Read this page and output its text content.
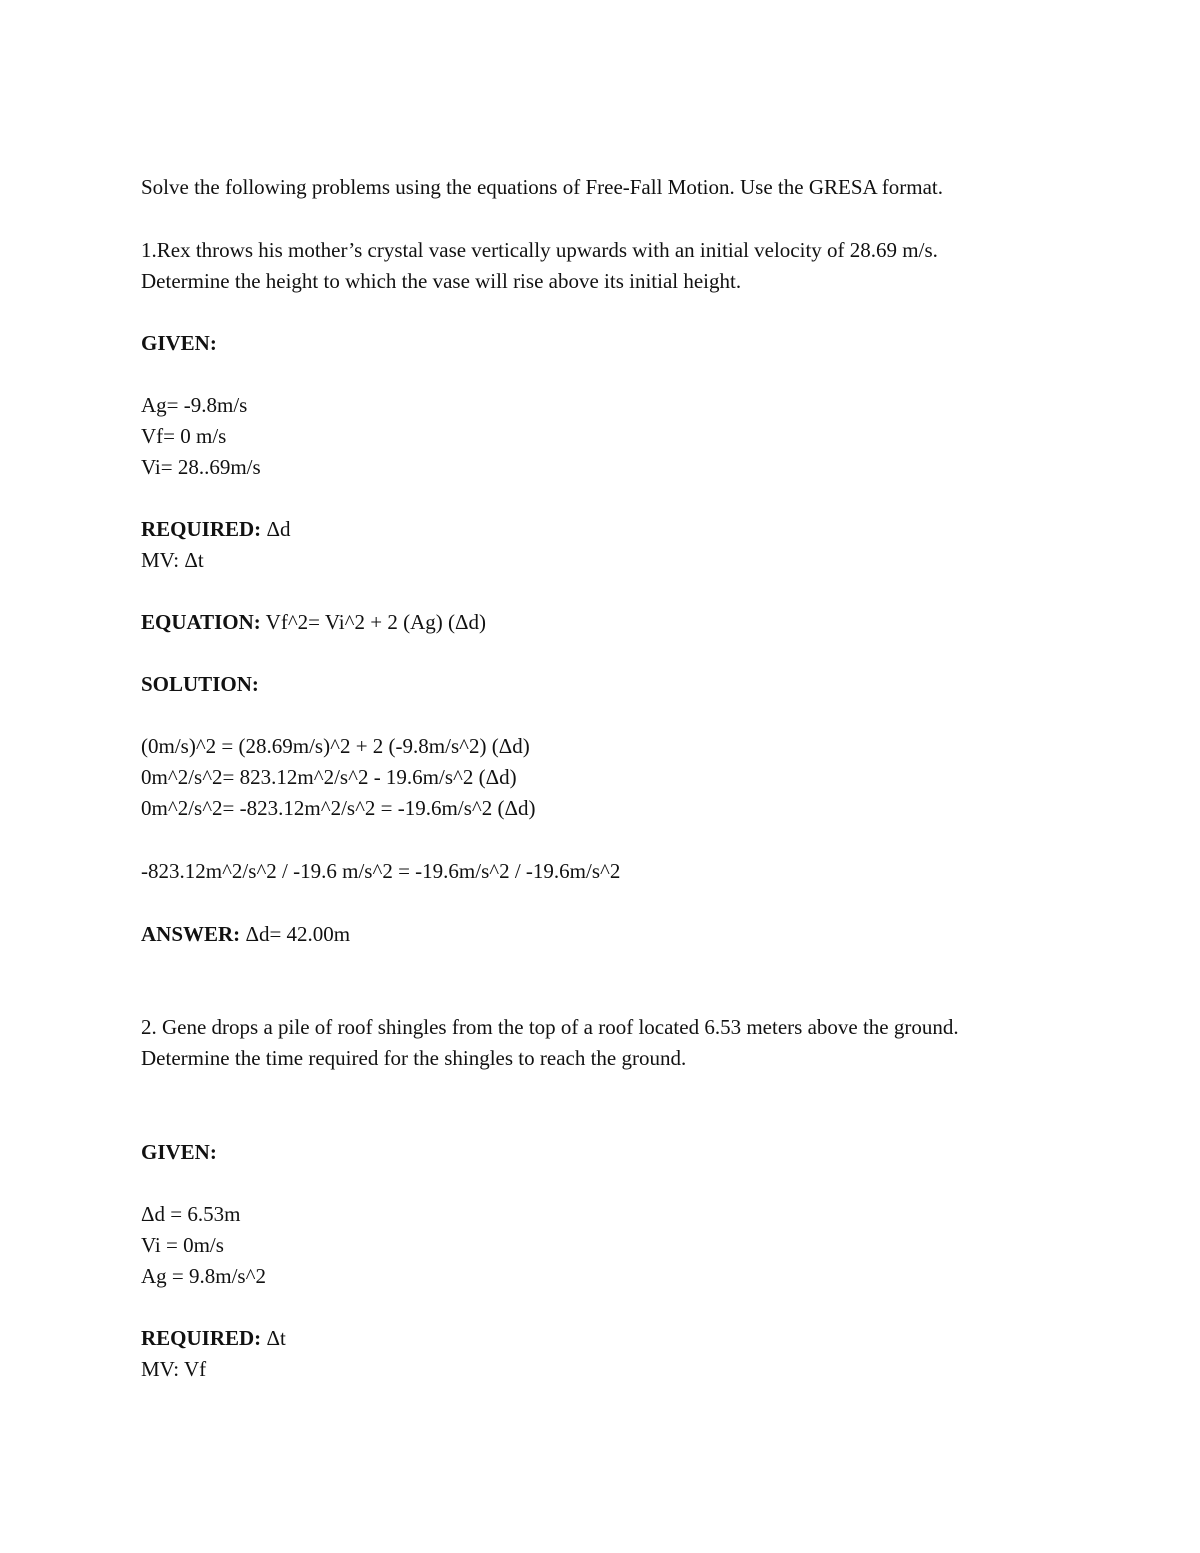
Solve the following problems using the equations of Free-Fall Motion. Use the GRESA format.

1.Rex throws his mother’s crystal vase vertically upwards with an initial velocity of 28.69 m/s.

Determine the height to which the vase will rise above its initial height.

GIVEN:

Ag= -9.8m/s

Vf= 0 m/s

Vi= 28..69m/s

REQUIRED: Δd

MV: Δt

EQUATION: Vf^2= Vi^2 + 2 (Ag) (Δd)

SOLUTION:

(0m/s)^2 = (28.69m/s)^2 + 2 (-9.8m/s^2) (Δd)

0m^2/s^2= 823.12m^2/s^2 - 19.6m/s^2 (Δd)

0m^2/s^2= -823.12m^2/s^2 = -19.6m/s^2 (Δd)

-823.12m^2/s^2 / -19.6 m/s^2 = -19.6m/s^2 / -19.6m/s^2

ANSWER: Δd= 42.00m

2. Gene drops a pile of roof shingles from the top of a roof located 6.53 meters above the ground.

Determine the time required for the shingles to reach the ground.

GIVEN:

Δd = 6.53m

Vi = 0m/s

Ag = 9.8m/s^2

REQUIRED: Δt

MV: Vf
